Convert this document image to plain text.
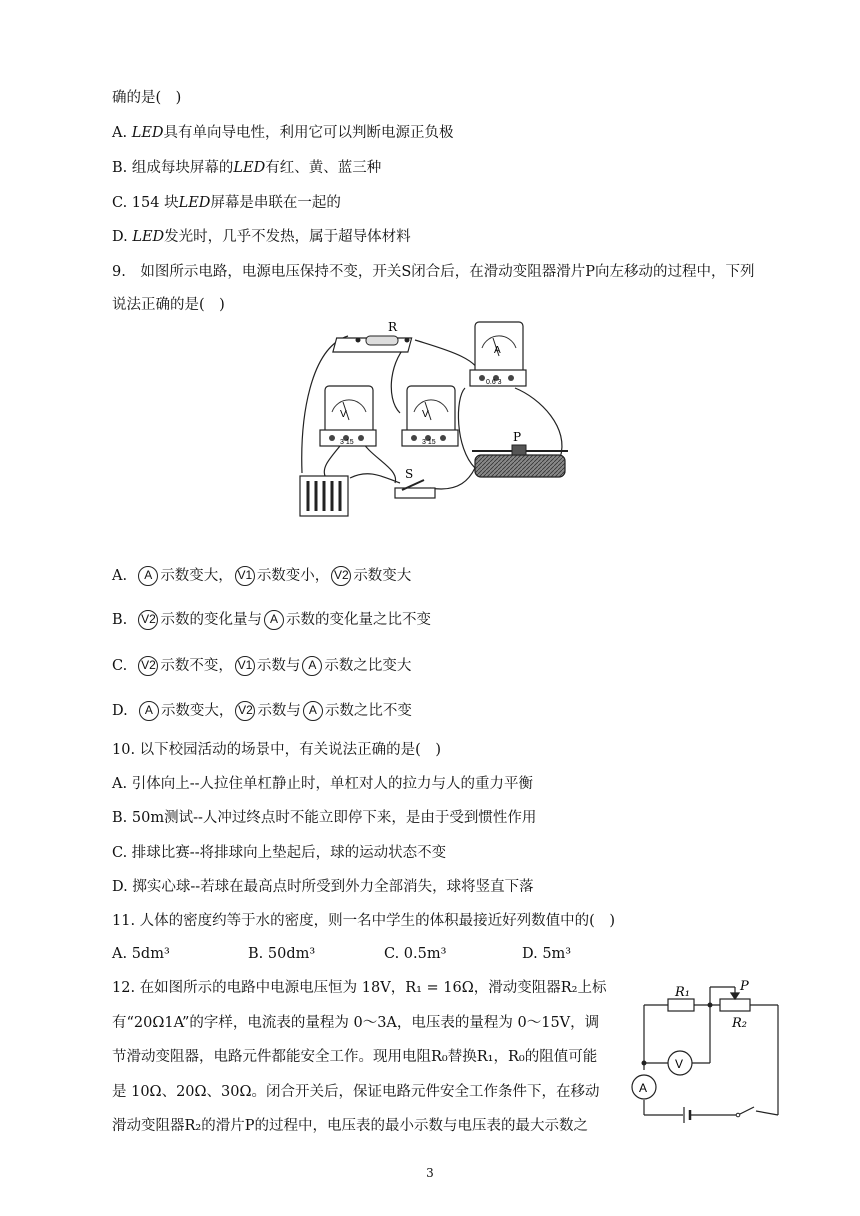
确的是(　)
A. LED具有单向导电性，利用它可以判断电源正负极
B. 组成每块屏幕的LED有红、黄、蓝三种
C. 154 块LED屏幕是串联在一起的
D. LED发光时，几乎不发热，属于超导体材料
9.　如图所示电路，电源电压保持不变，开关S闭合后，在滑动变阻器滑片P向左移动的过程中，下列
说法正确的是(　)
R
A
0.6 3
V
3 15
V
3 15	P
S
A. A 示数变大， V1 示数变小， V2 示数变大
B. V2 示数的变化量与 A 示数的变化量之比不变
C. V2 示数不变， V1 示数与 A 示数之比变大
D. A 示数变大， V2 示数与 A 示数之比不变
10. 以下校园活动的场景中，有关说法正确的是(　)
A. 引体向上--人拉住单杠静止时，单杠对人的拉力与人的重力平衡
B. 50m测试--人冲过终点时不能立即停下来，是由于受到惯性作用
C. 排球比赛--将排球向上垫起后，球的运动状态不变
D. 掷实心球--若球在最高点时所受到外力全部消失，球将竖直下落
11. 人体的密度约等于水的密度，则一名中学生的体积最接近好列数值中的(　)
A. 5dm³	B. 50dm³	C. 0.5m³	D. 5m³
12. 在如图所示的电路中电源电压恒为 18V，R₁ = 16Ω，滑动变阻器R₂上标
有“20Ω1A”的字样，电流表的量程为 0～3A，电压表的量程为 0～15V，调
节滑动变阻器，电路元件都能安全工作。现用电阻R₀替换R₁，R₀的阻值可能
是 10Ω、20Ω、30Ω。闭合开关后，保证电路元件安全工作条件下，在移动
滑动变阻器R₂的滑片P的过程中，电压表的最小示数与电压表的最大示数之
R₁	P
R₂
V
A
3
